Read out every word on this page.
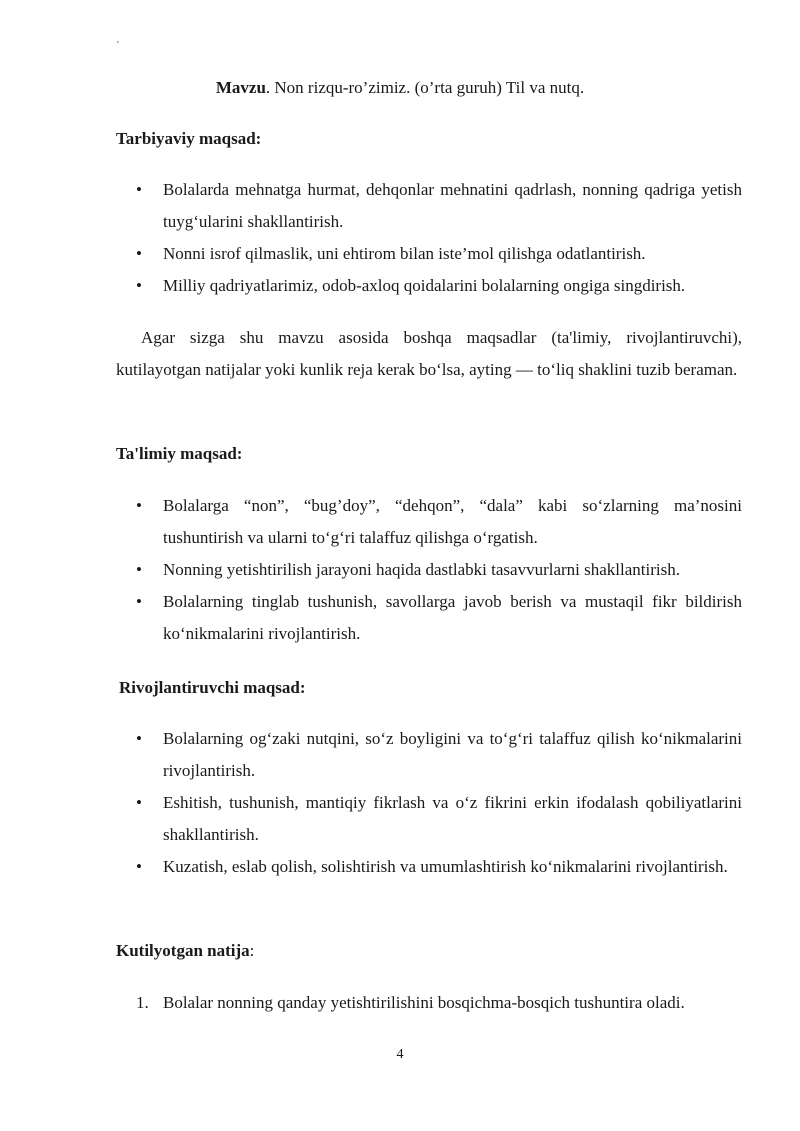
'
Mavzu. Non rizqu-ro’zimiz. (o’rta guruh) Til va nutq.
Tarbiyaviy maqsad:
•	Bolalarda mehnatga hurmat, dehqonlar mehnatini qadrlash, nonning qadriga yetish tuyg‘ularini shakllantirish.
•	Nonni isrof qilmaslik, uni ehtirom bilan iste’mol qilishga odatlantirish.
•	Milliy qadriyatlarimiz, odob-axloq qoidalarini bolalarning ongiga singdirish.

Agar sizga shu mavzu asosida boshqa maqsadlar (ta'limiy, rivojlantiruvchi), kutilayotgan natijalar yoki kunlik reja kerak bo‘lsa, ayting — to‘liq shaklini tuzib beraman.

Ta'limiy maqsad:
•	Bolalarga “non”, “bug’doy”, “dehqon”, “dala” kabi so‘zlarning ma’nosini tushuntirish va ularni to‘g‘ri talaffuz qilishga o‘rgatish.
•	Nonning yetishtirilish jarayoni haqida dastlabki tasavvurlarni shakllantirish.
•	Bolalarning tinglab tushunish, savollarga javob berish va mustaqil fikr bildirish ko‘nikmalarini rivojlantirish.
Rivojlantiruvchi maqsad:
•	Bolalarning og‘zaki nutqini, so‘z boyligini va to‘g‘ri talaffuz qilish ko‘nikmalarini rivojlantirish.
•	Eshitish, tushunish, mantiqiy fikrlash va o‘z fikrini erkin ifodalash qobiliyatlarini shakllantirish.
•	Kuzatish, eslab qolish, solishtirish va umumlashtirish ko‘nikmalarini rivojlantirish.
Kutilyotgan natija:
1. Bolalar nonning qanday yetishtirilishini bosqichma-bosqich tushuntira oladi.
4
